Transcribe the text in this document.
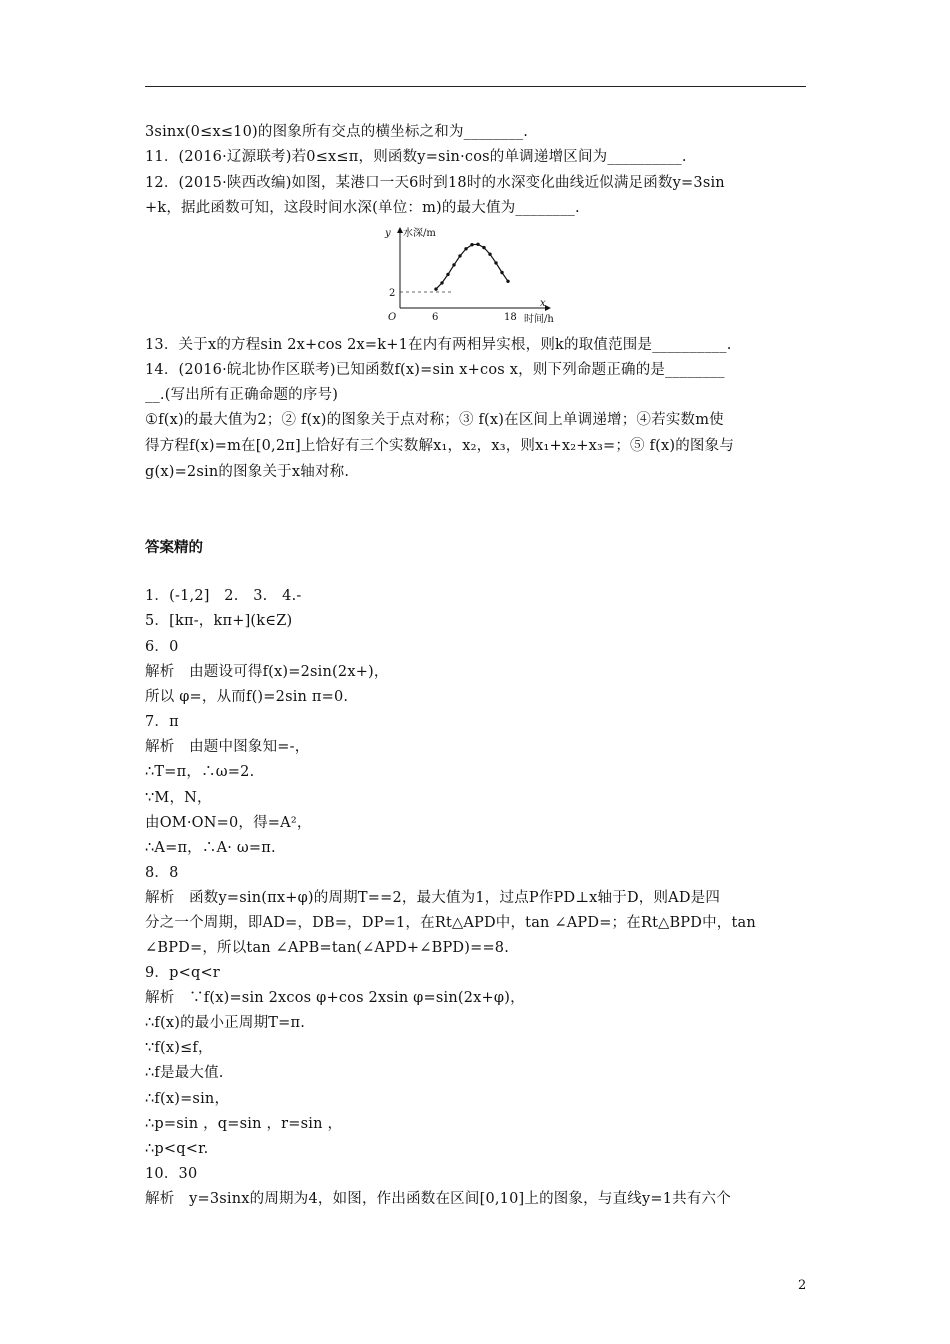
3sinx(0≤x≤10)的图象所有交点的横坐标之和为________.
11．(2016·辽源联考)若0≤x≤π，则函数y=sin·cos的单调递增区间为__________.
12．(2015·陕西改编)如图，某港口一天6时到18时的水深变化曲线近似满足函数y=3sin
+k，据此函数可知，这段时间水深(单位：m)的最大值为________.
13．关于x的方程sin 2x+cos 2x=k+1在内有两相异实根，则k的取值范围是__________.
14．(2016·皖北协作区联考)已知函数f(x)=sin x+cos x，则下列命题正确的是________
__.(写出所有正确命题的序号)
①f(x)的最大值为2；② f(x)的图象关于点对称；③ f(x)在区间上单调递增；④若实数m使
得方程f(x)=m在[0,2π]上恰好有三个实数解x₁，x₂，x₃，则x₁+x₂+x₃=；⑤ f(x)的图象与
g(x)=2sin的图象关于x轴对称.
答案精的
1．(-1,2]　2.　3.　4.-
5．[kπ-，kπ+](k∈Z)
6．0
解析　由题设可得f(x)=2sin(2x+)，
所以 φ=，从而f()=2sin π=0.
7．π
解析　由题中图象知=-，
∴T=π，∴ω=2.
∵M，N，
由OM·ON=0，得=A²，
∴A=π，∴A· ω=π.
8．8
解析　函数y=sin(πx+φ)的周期T==2，最大值为1，过点P作PD⊥x轴于D，则AD是四
分之一个周期，即AD=，DB=，DP=1，在Rt△APD中，tan ∠APD=；在Rt△BPD中，tan
∠BPD=，所以tan ∠APB=tan(∠APD+∠BPD)==8.
9．p<q<r
解析　∵f(x)=sin 2xcos φ+cos 2xsin φ=sin(2x+φ)，
∴f(x)的最小正周期T=π.
∵f(x)≤f，
∴f是最大值.
∴f(x)=sin，
∴p=sin ，q=sin ，r=sin ，
∴p<q<r.
10．30
解析　y=3sinx的周期为4，如图，作出函数在区间[0,10]上的图象，与直线y=1共有六个
y 水深/m
x
时间/h
O
2
6	18
2
